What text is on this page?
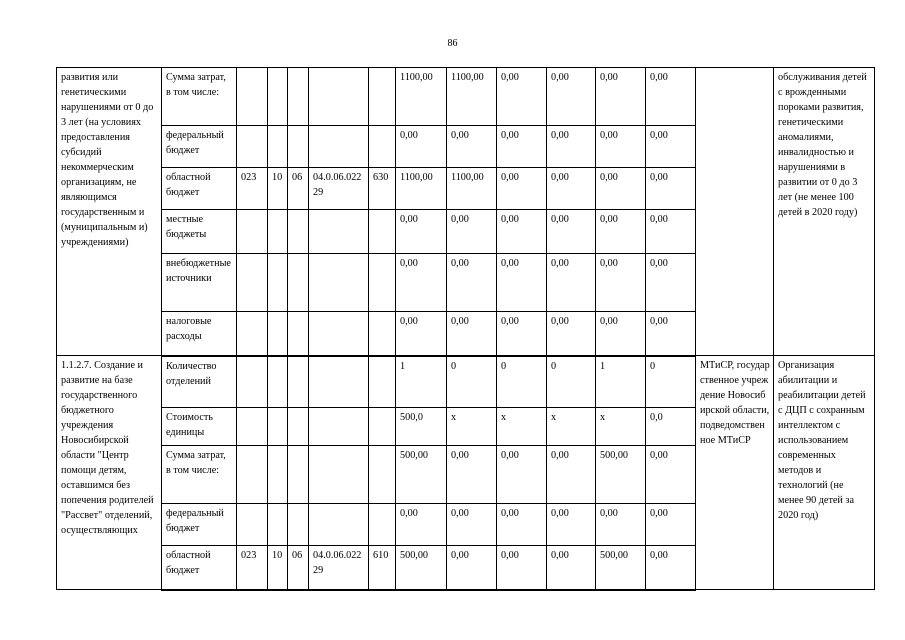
86
развития или генетическими нарушениями от 0 до 3 лет (на условиях предоставления субсидий некоммерческим организациям, не являющимся государственным и (муниципальным и) учреждениями)	Сумма затрат, в том числе:						1100,00	1100,00	0,00	0,00	0,00	0,00		обслуживания детей с врожденными пороками развития, генетическими аномалиями, инвалидностью и нарушениями в развитии от 0 до 3 лет (не менее 100 детей в 2020 году)
	федеральный бюджет						0,00	0,00	0,00	0,00	0,00	0,00		
	областной бюджет	023	10	06	04.0.06.02229	630	1100,00	1100,00	0,00	0,00	0,00	0,00		
	местные бюджеты						0,00	0,00	0,00	0,00	0,00	0,00		
	внебюджетные источники						0,00	0,00	0,00	0,00	0,00	0,00		
	налоговые расходы						0,00	0,00	0,00	0,00	0,00	0,00		
1.1.2.7. Создание и развитие на базе государственного бюджетного учреждения Новосибирской области "Центр помощи детям, оставшимся без попечения родителей "Рассвет" отделений, осуществляющих	Количество отделений						1	0	0	0	1	0	МТиСР, государственное учреждение Новосибирской области, подведомственное МТиСР	Организация абилитации и реабилитации детей с ДЦП с сохранным интеллектом с использованием современных методов и технологий (не менее 90 детей за 2020 год)
	Стоимость единицы						500,0	х	х	х	х	0,0		
	Сумма затрат, в том числе:						500,00	0,00	0,00	0,00	500,00	0,00		
	федеральный бюджет						0,00	0,00	0,00	0,00	0,00	0,00		
	областной бюджет	023	10	06	04.0.06.02229	610	500,00	0,00	0,00	0,00	500,00	0,00		
